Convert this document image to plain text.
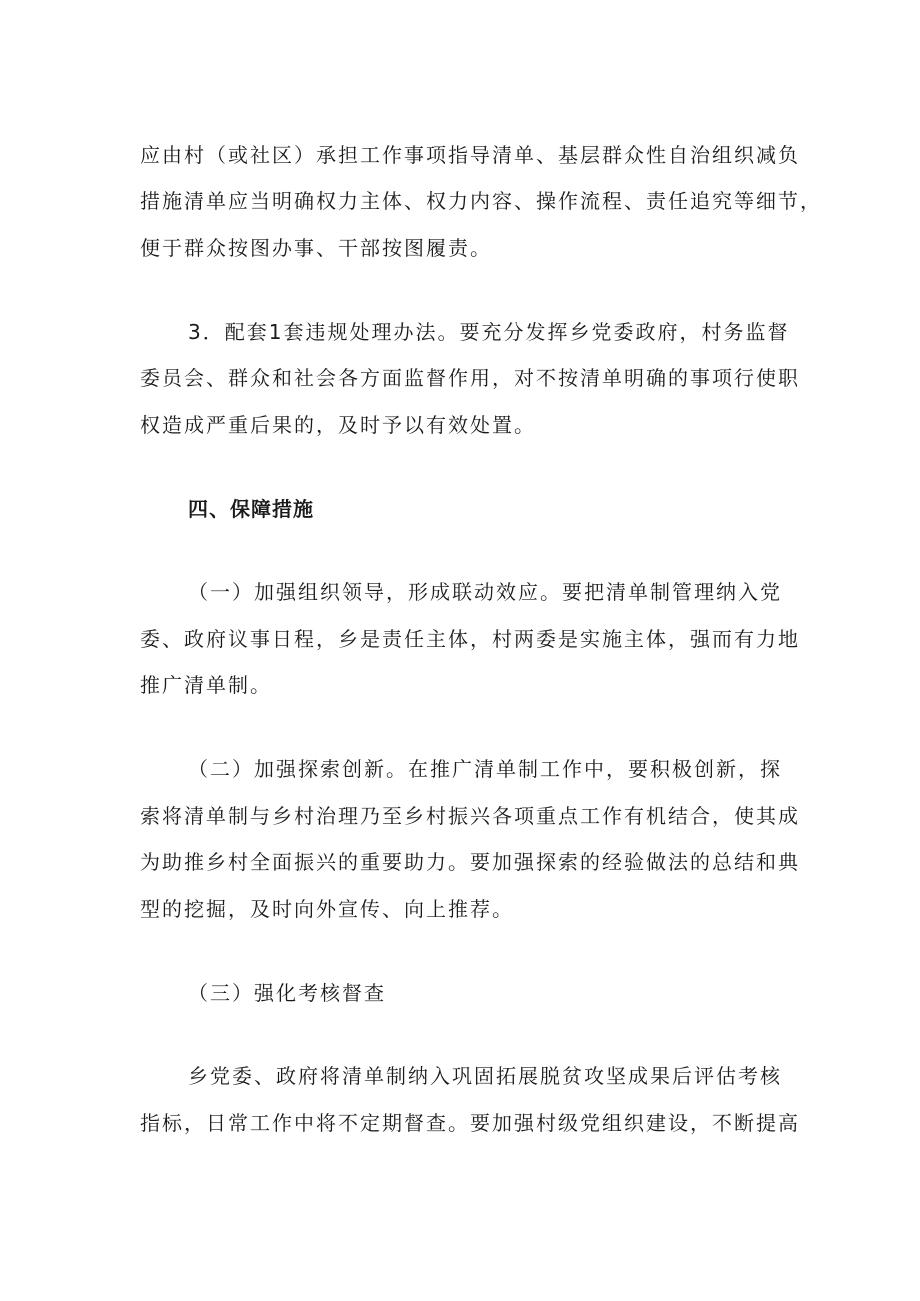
应由村（或社区）承担工作事项指导清单、基层群众性自治组织减负
措施清单应当明确权力主体、权力内容、操作流程、责任追究等细节，
便于群众按图办事、干部按图履责。
3．配套1套违规处理办法。要充分发挥乡党委政府，村务监督
委员会、群众和社会各方面监督作用，对不按清单明确的事项行使职
权造成严重后果的，及时予以有效处置。
四、保障措施
（一）加强组织领导，形成联动效应。要把清单制管理纳入党
委、政府议事日程，乡是责任主体，村两委是实施主体，强而有力地
推广清单制。
（二）加强探索创新。在推广清单制工作中，要积极创新，探
索将清单制与乡村治理乃至乡村振兴各项重点工作有机结合，使其成
为助推乡村全面振兴的重要助力。要加强探索的经验做法的总结和典
型的挖掘，及时向外宣传、向上推荐。
（三）强化考核督查
乡党委、政府将清单制纳入巩固拓展脱贫攻坚成果后评估考核
指标，日常工作中将不定期督查。要加强村级党组织建设，不断提高
